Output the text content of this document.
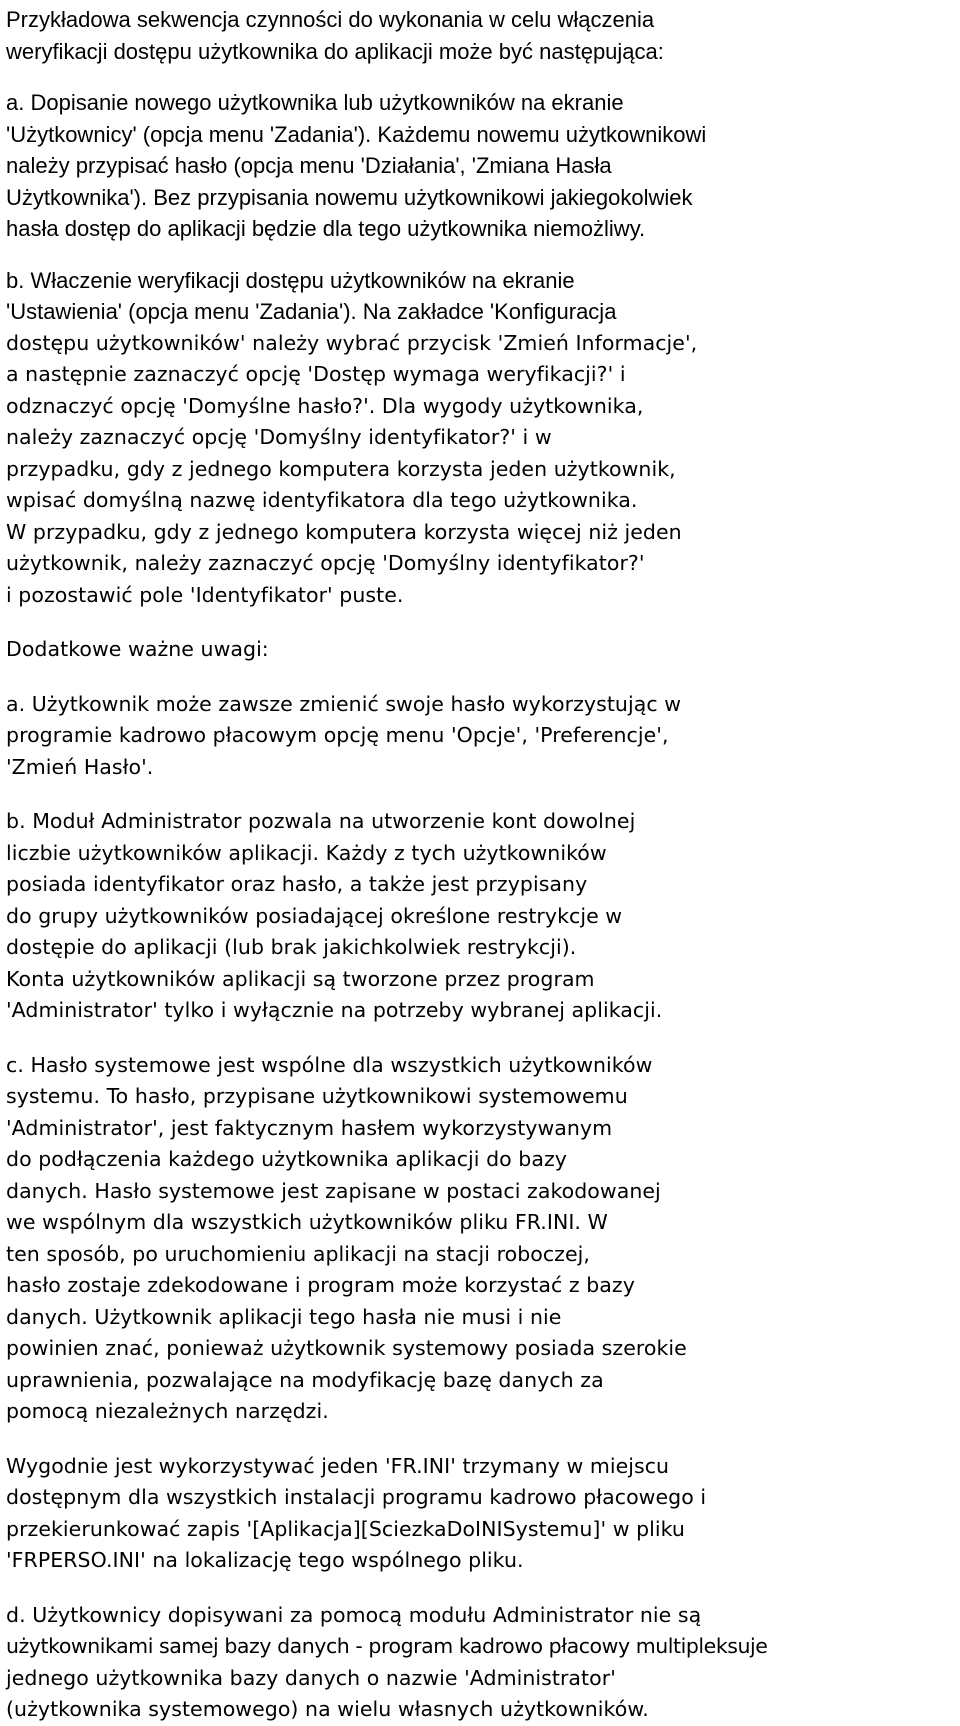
Przykładowa sekwencja czynności do wykonania w celu włączenia
weryfikacji dostępu użytkownika do aplikacji może być następująca:
a. Dopisanie nowego użytkownika lub użytkowników na ekranie
'Użytkownicy' (opcja menu 'Zadania'). Każdemu nowemu użytkownikowi
należy przypisać hasło (opcja menu 'Działania', 'Zmiana Hasła
Użytkownika'). Bez przypisania nowemu użytkownikowi jakiegokolwiek
hasła dostęp do aplikacji będzie dla tego użytkownika niemożliwy.
b. Właczenie weryfikacji dostępu użytkowników na ekranie
'Ustawienia' (opcja menu 'Zadania'). Na zakładce 'Konfiguracja
dostępu użytkowników' należy wybrać przycisk 'Zmień Informacje',
a następnie zaznaczyć opcję 'Dostęp wymaga weryfikacji?' i
odznaczyć opcję 'Domyślne hasło?'. Dla wygody użytkownika,
należy zaznaczyć opcję 'Domyślny identyfikator?' i w
przypadku, gdy z jednego komputera korzysta jeden użytkownik,
wpisać domyślną nazwę identyfikatora dla tego użytkownika.
W przypadku, gdy z jednego komputera korzysta więcej niż jeden
użytkownik, należy zaznaczyć opcję 'Domyślny identyfikator?'
i pozostawić pole 'Identyfikator' puste.
Dodatkowe ważne uwagi:
a. Użytkownik może zawsze zmienić swoje hasło wykorzystując w
programie kadrowo płacowym opcję menu 'Opcje', 'Preferencje',
'Zmień Hasło'.
b. Moduł Administrator pozwala na utworzenie kont dowolnej
liczbie użytkowników aplikacji. Każdy z tych użytkowników
posiada identyfikator oraz hasło, a także jest przypisany
do grupy użytkowników posiadającej określone restrykcje w
dostępie do aplikacji (lub brak jakichkolwiek restrykcji).
Konta użytkowników aplikacji są tworzone przez program
'Administrator' tylko i wyłącznie na potrzeby wybranej aplikacji.
c. Hasło systemowe jest wspólne dla wszystkich użytkowników
systemu. To hasło, przypisane użytkownikowi systemowemu
'Administrator', jest faktycznym hasłem wykorzystywanym
do podłączenia każdego użytkownika aplikacji do bazy
danych. Hasło systemowe jest zapisane w postaci zakodowanej
we wspólnym dla wszystkich użytkowników pliku FR.INI. W
ten sposób, po uruchomieniu aplikacji na stacji roboczej,
hasło zostaje zdekodowane i program może korzystać z bazy
danych. Użytkownik aplikacji tego hasła nie musi i nie
powinien znać, ponieważ użytkownik systemowy posiada szerokie
uprawnienia, pozwalające na modyfikację bazę danych za
pomocą niezależnych narzędzi.
Wygodnie jest wykorzystywać jeden 'FR.INI' trzymany w miejscu
dostępnym dla wszystkich instalacji programu kadrowo płacowego i
przekierunkować zapis '[Aplikacja][SciezkaDoINISystemu]' w pliku
'FRPERSO.INI' na lokalizację tego wspólnego pliku.
d. Użytkownicy dopisywani za pomocą modułu Administrator nie są
użytkownikami samej bazy danych - program kadrowo płacowy multipleksuje
jednego użytkownika bazy danych o nazwie 'Administrator'
(użytkownika systemowego) na wielu własnych użytkowników.
